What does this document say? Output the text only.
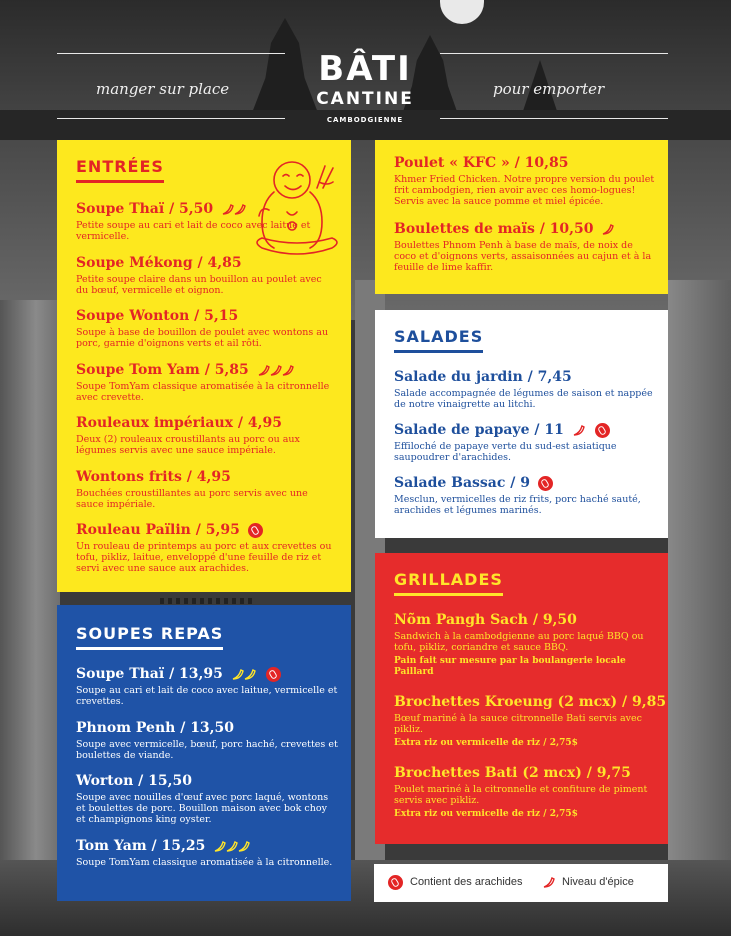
manger sur place	pour emporter
BÂTI
CANTINE
CAMBODGIENNE
ENTRÉES
Soupe Thaï / 5,50
Petite soupe au cari et lait de coco avec laitue et vermicelle.
Soupe Mékong / 4,85
Petite soupe claire dans un bouillon au poulet avec du bœuf, vermicelle et oignon.
Soupe Wonton / 5,15
Soupe à base de bouillon de poulet avec wontons au porc, garnie d'oignons verts et ail rôti.
Soupe Tom Yam / 5,85
Soupe TomYam classique aromatisée à la citronnelle avec crevette.
Rouleaux impériaux / 4,95
Deux (2) rouleaux croustillants au porc ou aux légumes servis avec une sauce impériale.
Wontons frits / 4,95
Bouchées croustillantes au porc servis avec une sauce impériale.
Rouleau Païlin / 5,95
Un rouleau de printemps au porc et aux crevettes ou tofu, pikliz, laitue, enveloppé d'une feuille de riz et servi avec une sauce aux arachides.
Poulet « KFC » / 10,85
Khmer Fried Chicken. Notre propre version du poulet frit cambodgien, rien avoir avec ces homo-logues! Servis avec la sauce pomme et miel épicée.
Boulettes de maïs / 10,50
Boulettes Phnom Penh à base de maïs, de noix de coco et d'oignons verts, assaisonnées au cajun et à la feuille de lime kaffir.
SALADES
Salade du jardin / 7,45
Salade accompagnée de légumes de saison et nappée de notre vinaigrette au litchi.
Salade de papaye / 11
Effiloché de papaye verte du sud-est asiatique saupoudrer d'arachides.
Salade Bassac / 9
Mesclun, vermicelles de riz frits, porc haché sauté, arachides et légumes marinés.
SOUPES REPAS
Soupe Thaï / 13,95
Soupe au cari et lait de coco avec laitue, vermicelle et crevettes.
Phnom Penh / 13,50
Soupe avec vermicelle, bœuf, porc haché, crevettes et boulettes de viande.
Worton / 15,50
Soupe avec nouilles d'œuf avec porc laqué, wontons et boulettes de porc. Bouillon maison avec bok choy et champignons king oyster.
Tom Yam / 15,25
Soupe TomYam classique aromatisée à la citronnelle.
GRILLADES
Nõm Pangh Sach / 9,50
Sandwich à la cambodgienne au porc laqué BBQ ou tofu, pikliz, coriandre et sauce BBQ.
Pain fait sur mesure par la boulangerie locale Paillard
Brochettes Kroeung (2 mcx) / 9,85
Bœuf mariné à la sauce citronnelle Bati servis avec pikliz.
Extra riz ou vermicelle de riz / 2,75$
Brochettes Bati (2 mcx) / 9,75
Poulet mariné à la citronnelle et confiture de piment servis avec pikliz.
Extra riz ou vermicelle de riz / 2,75$
Contient des arachides	Niveau d'épice
